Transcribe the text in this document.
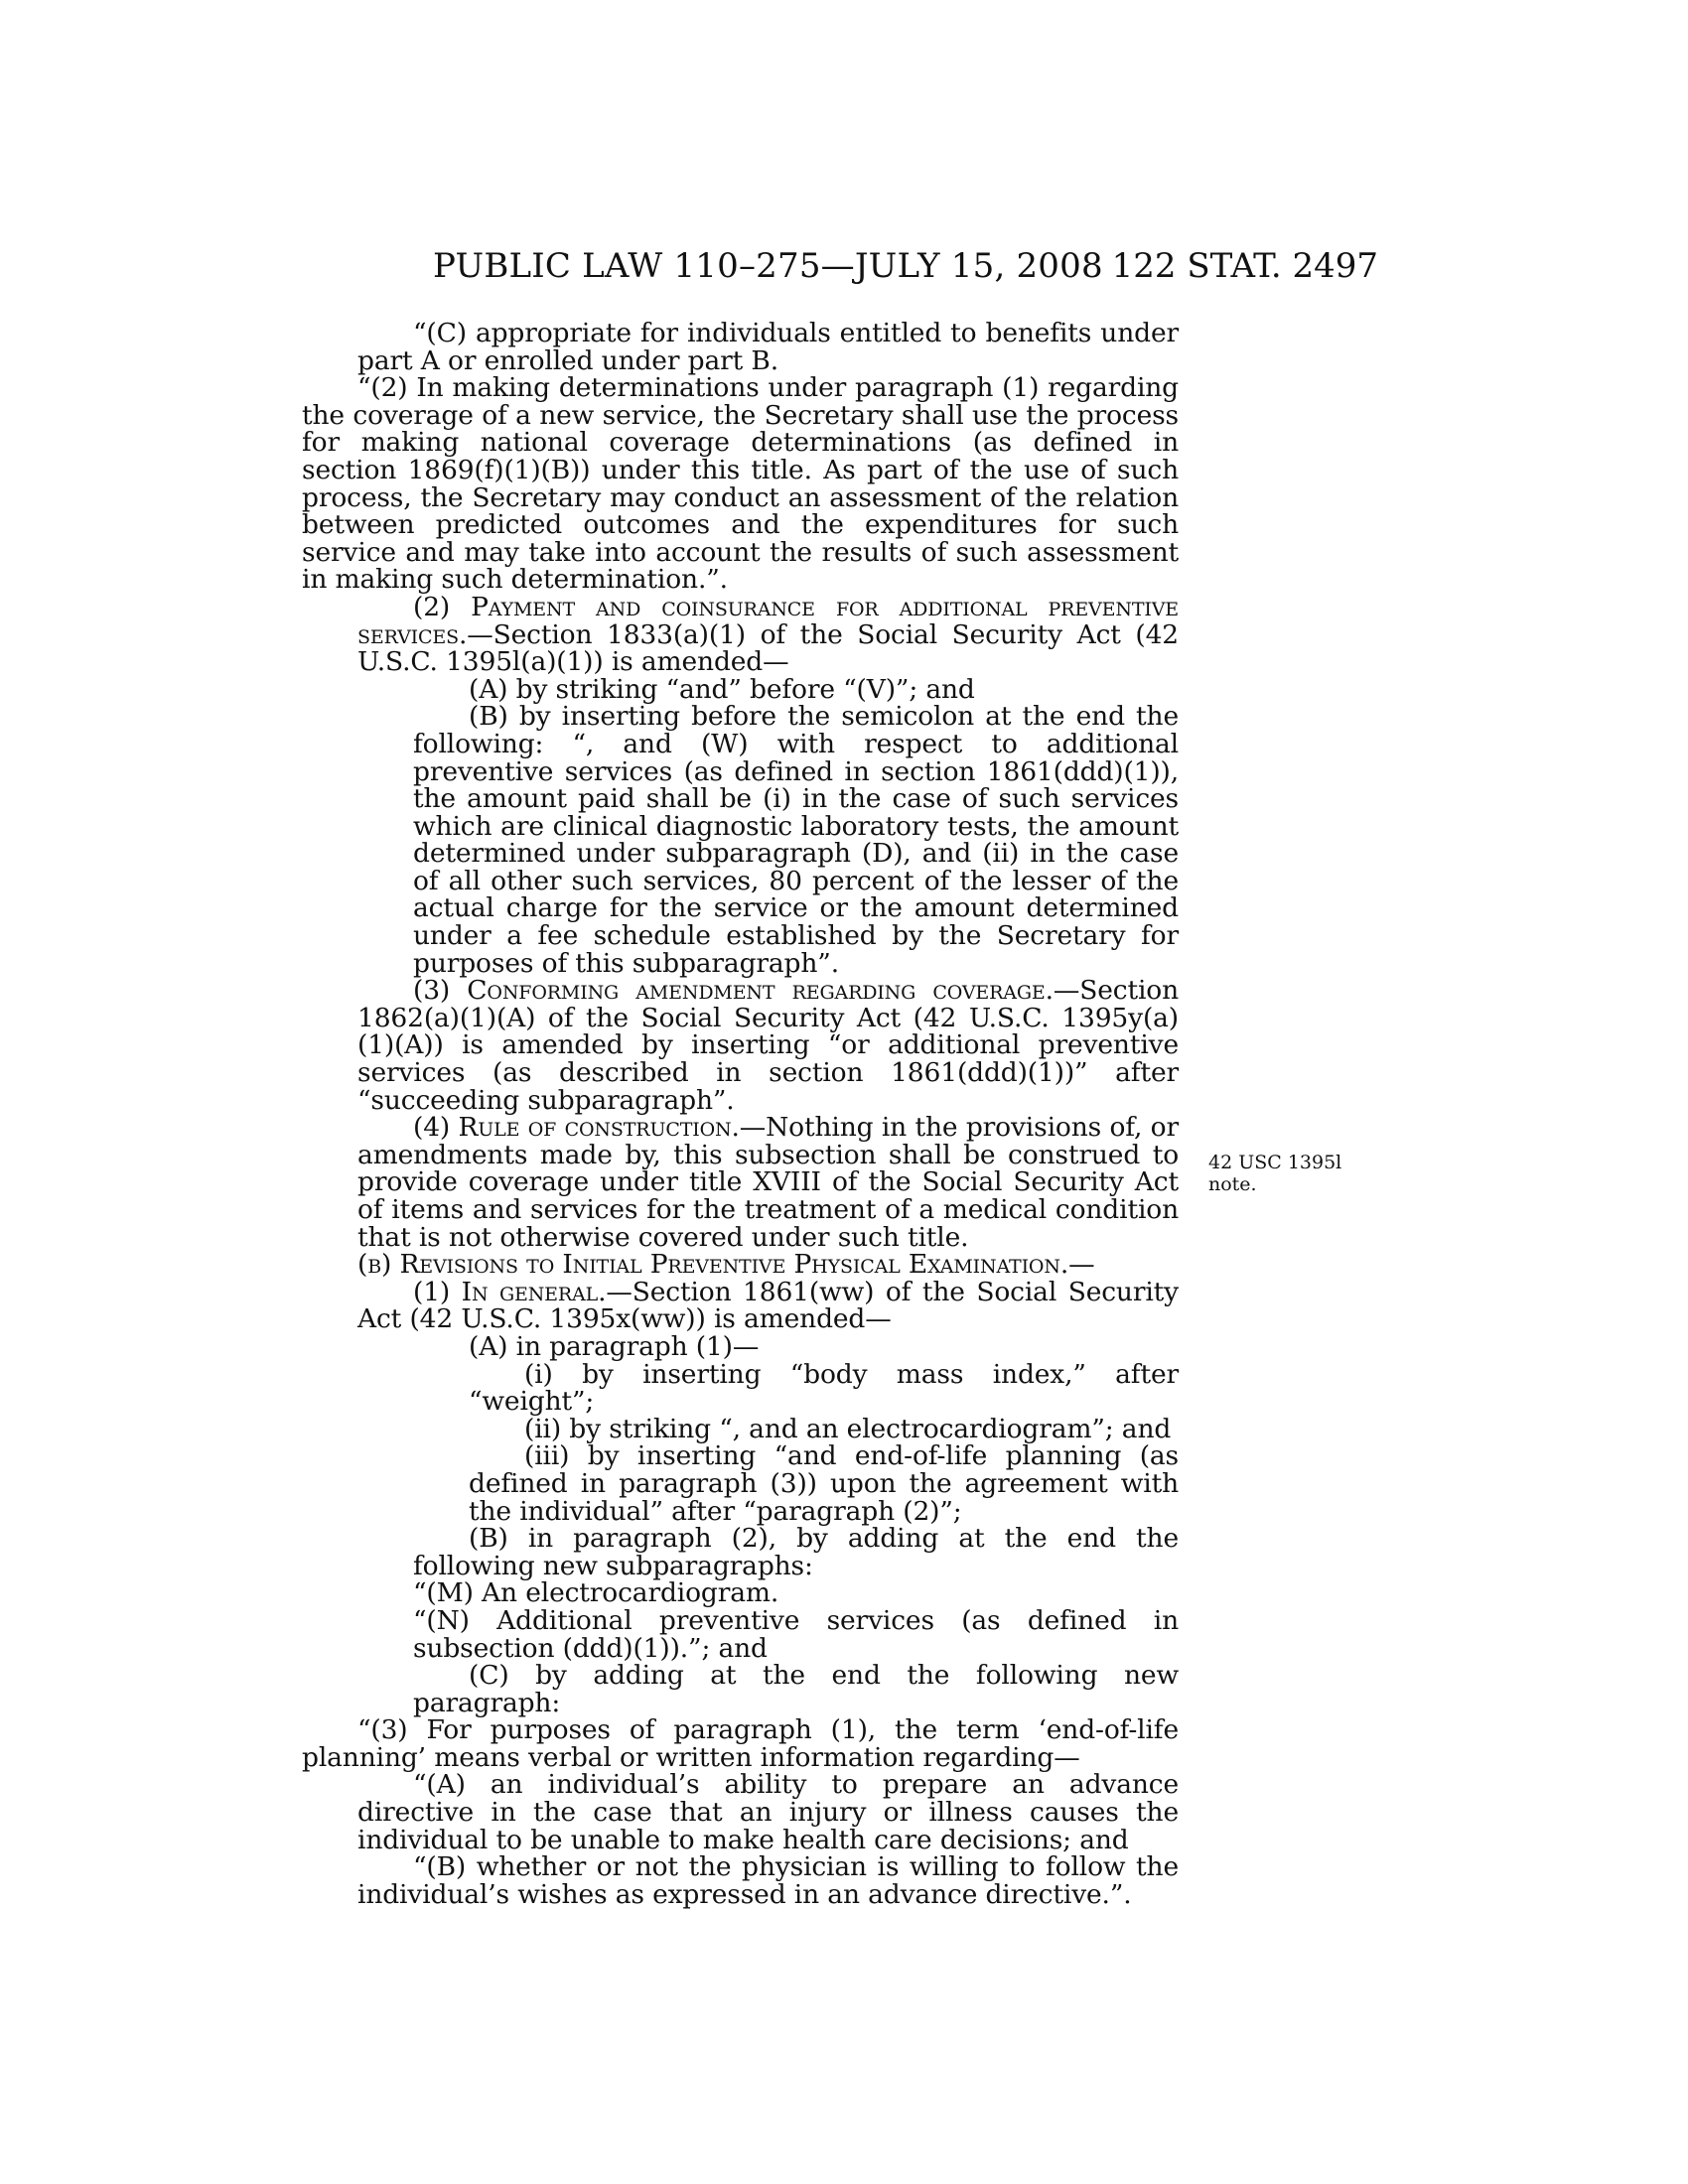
PUBLIC LAW 110–275—JULY 15, 2008 122 STAT. 2497

“(C) appropriate for individuals entitled to benefits under part A or enrolled under part B.

“(2) In making determinations under paragraph (1) regarding the coverage of a new service, the Secretary shall use the process for making national coverage determinations (as defined in section 1869(f)(1)(B)) under this title. As part of the use of such process, the Secretary may conduct an assessment of the relation between predicted outcomes and the expenditures for such service and may take into account the results of such assessment in making such determination.”.

(2) Payment and coinsurance for additional preventive services.—Section 1833(a)(1) of the Social Security Act (42 U.S.C. 1395l(a)(1)) is amended—

(A) by striking “and” before “(V)”; and

(B) by inserting before the semicolon at the end the following: “, and (W) with respect to additional preventive services (as defined in section 1861(ddd)(1)), the amount paid shall be (i) in the case of such services which are clinical diagnostic laboratory tests, the amount determined under subparagraph (D), and (ii) in the case of all other such services, 80 percent of the lesser of the actual charge for the service or the amount determined under a fee schedule established by the Secretary for purposes of this subparagraph”.

(3) Conforming amendment regarding coverage.—Section 1862(a)(1)(A) of the Social Security Act (42 U.S.C. 1395y(a)(1)(A)) is amended by inserting “or additional preventive services (as described in section 1861(ddd)(1))” after “succeeding subparagraph”.

(4) Rule of construction.—Nothing in the provisions of, or amendments made by, this subsection shall be construed to provide coverage under title XVIII of the Social Security Act of items and services for the treatment of a medical condition that is not otherwise covered under such title.

(b) Revisions to Initial Preventive Physical Examination.—

(1) In general.—Section 1861(ww) of the Social Security Act (42 U.S.C. 1395x(ww)) is amended—

(A) in paragraph (1)—

(i) by inserting “body mass index,” after “weight”;

(ii) by striking “, and an electrocardiogram”; and

(iii) by inserting “and end-of-life planning (as defined in paragraph (3)) upon the agreement with the individual” after “paragraph (2)”;

(B) in paragraph (2), by adding at the end the following new subparagraphs:

“(M) An electrocardiogram.

“(N) Additional preventive services (as defined in subsection (ddd)(1)).”; and

(C) by adding at the end the following new paragraph:

“(3) For purposes of paragraph (1), the term ‘end-of-life planning’ means verbal or written information regarding—

“(A) an individual’s ability to prepare an advance directive in the case that an injury or illness causes the individual to be unable to make health care decisions; and

“(B) whether or not the physician is willing to follow the individual’s wishes as expressed in an advance directive.”.

42 USC 1395l
note.
